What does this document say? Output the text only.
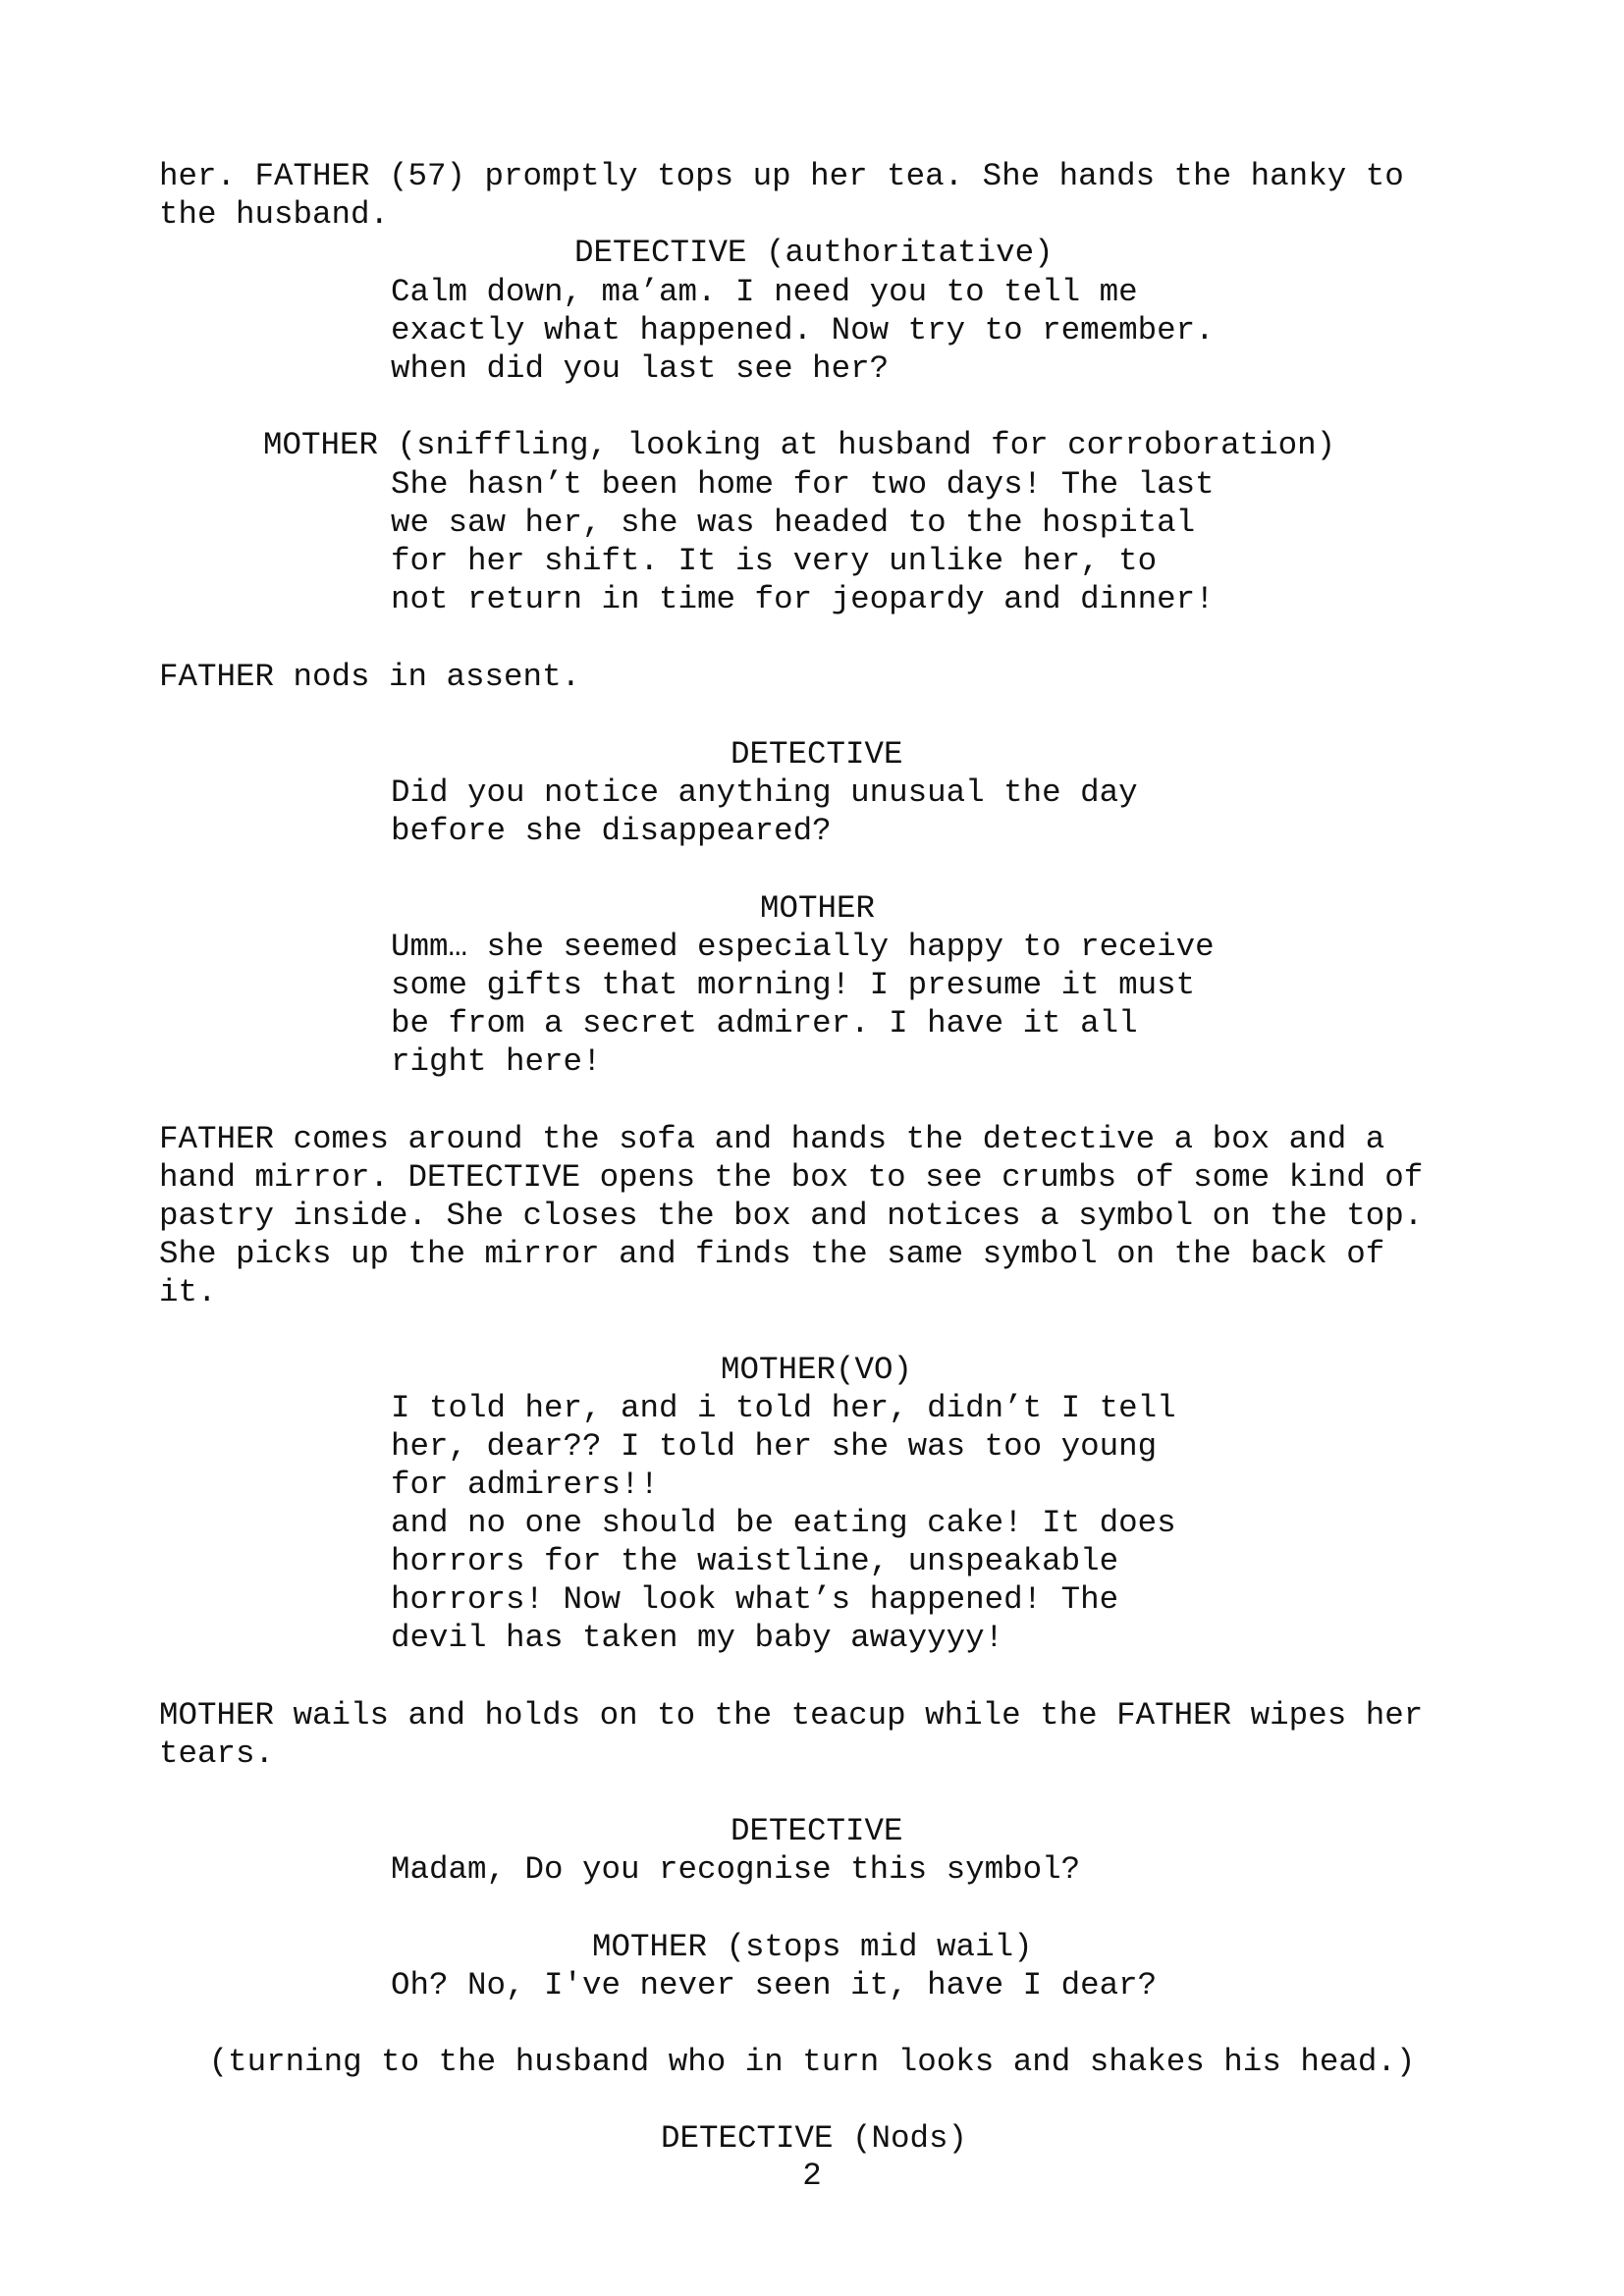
her. FATHER (57) promptly tops up her tea. She hands the hanky to
the husband.
DETECTIVE (authoritative)
Calm down, ma’am. I need you to tell me
exactly what happened. Now try to remember.
when did you last see her?
MOTHER (sniffling, looking at husband for corroboration)
She hasn’t been home for two days! The last
we saw her, she was headed to the hospital
for her shift. It is very unlike her, to
not return in time for jeopardy and dinner!
FATHER nods in assent.
DETECTIVE
Did you notice anything unusual the day
before she disappeared?
MOTHER
Umm… she seemed especially happy to receive
some gifts that morning! I presume it must
be from a secret admirer. I have it all
right here!
FATHER comes around the sofa and hands the detective a box and a
hand mirror. DETECTIVE opens the box to see crumbs of some kind of
pastry inside. She closes the box and notices a symbol on the top.
She picks up the mirror and finds the same symbol on the back of
it.
MOTHER(VO)
I told her, and i told her, didn’t I tell
her, dear?? I told her she was too young
for admirers!!
and no one should be eating cake! It does
horrors for the waistline, unspeakable
horrors! Now look what’s happened! The
devil has taken my baby awayyyy!
MOTHER wails and holds on to the teacup while the FATHER wipes her
tears.
DETECTIVE
Madam, Do you recognise this symbol?
MOTHER (stops mid wail)
Oh? No, I've never seen it, have I dear?
(turning to the husband who in turn looks and shakes his head.)
DETECTIVE (Nods)
2
